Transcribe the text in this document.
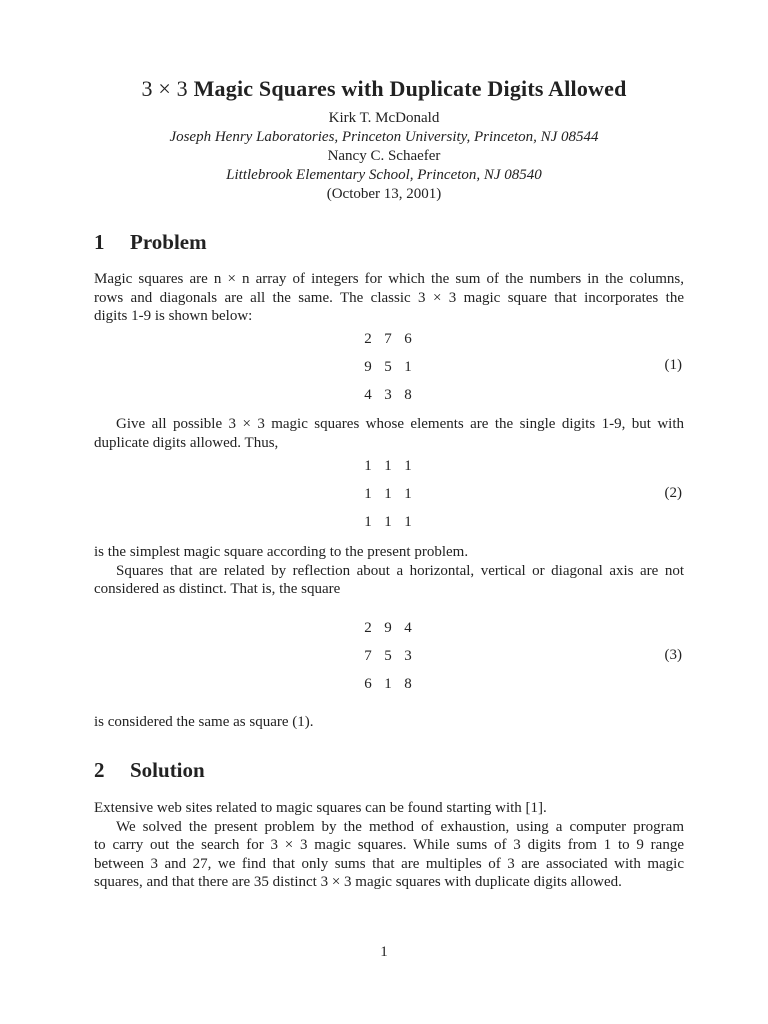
3 × 3 Magic Squares with Duplicate Digits Allowed
Kirk T. McDonald
Joseph Henry Laboratories, Princeton University, Princeton, NJ 08544
Nancy C. Schaefer
Littlebrook Elementary School, Princeton, NJ 08540
(October 13, 2001)
1 Problem
Magic squares are n × n array of integers for which the sum of the numbers in the columns,
rows and diagonals are all the same. The classic 3 × 3 magic square that incorporates the
digits 1-9 is shown below:
2 7 6
9 5 1
4 3 8
(1)
Give all possible 3 × 3 magic squares whose elements are the single digits 1-9, but with
duplicate digits allowed. Thus,
1 1 1
1 1 1
1 1 1
(2)
is the simplest magic square according to the present problem.
Squares that are related by reflection about a horizontal, vertical or diagonal axis are not
considered as distinct. That is, the square
2 9 4
7 5 3
6 1 8
(3)
is considered the same as square (1).
2 Solution
Extensive web sites related to magic squares can be found starting with [1].
We solved the present problem by the method of exhaustion, using a computer program
to carry out the search for 3 × 3 magic squares. While sums of 3 digits from 1 to 9 range
between 3 and 27, we find that only sums that are multiples of 3 are associated with magic
squares, and that there are 35 distinct 3 × 3 magic squares with duplicate digits allowed.
1
